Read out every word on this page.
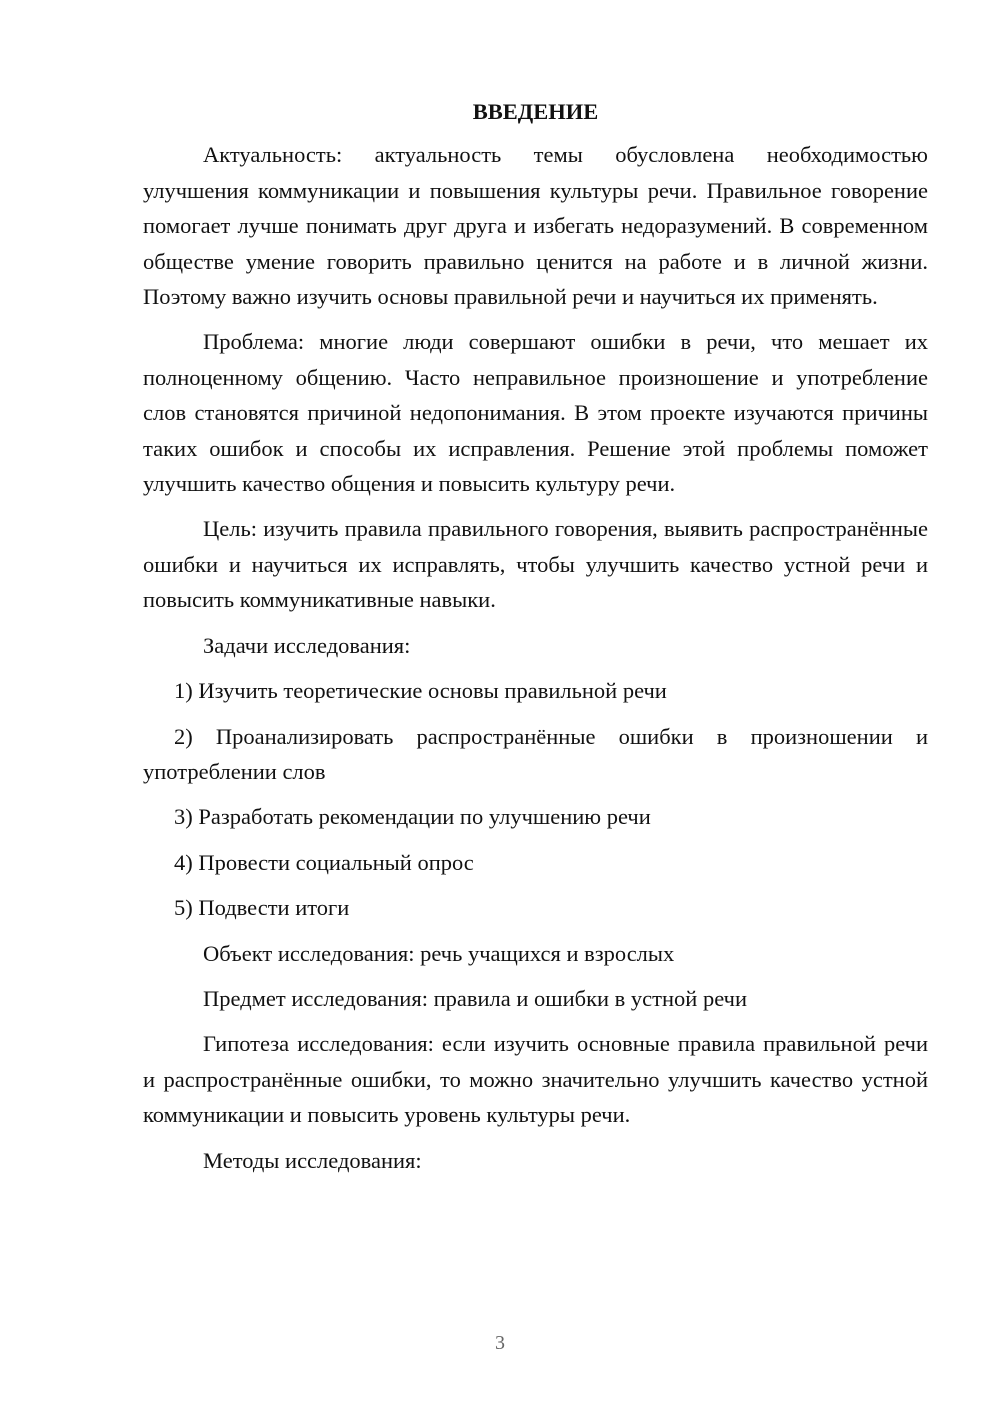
ВВЕДЕНИЕ

Актуальность: актуальность темы обусловлена необходимостью улучшения коммуникации и повышения культуры речи. Правильное говорение помогает лучше понимать друг друга и избегать недоразумений. В современном обществе умение говорить правильно ценится на работе и в личной жизни. Поэтому важно изучить основы правильной речи и научиться их применять.

Проблема: многие люди совершают ошибки в речи, что мешает их полноценному общению. Часто неправильное произношение и употребление слов становятся причиной недопонимания. В этом проекте изучаются причины таких ошибок и способы их исправления. Решение этой проблемы поможет улучшить качество общения и повысить культуру речи.

Цель: изучить правила правильного говорения, выявить распространённые ошибки и научиться их исправлять, чтобы улучшить качество устной речи и повысить коммуникативные навыки.

Задачи исследования:

1) Изучить теоретические основы правильной речи

2) Проанализировать распространённые ошибки в произношении и употреблении слов

3) Разработать рекомендации по улучшению речи

4) Провести социальный опрос

5) Подвести итоги

Объект исследования: речь учащихся и взрослых

Предмет исследования: правила и ошибки в устной речи

Гипотеза исследования: если изучить основные правила правильной речи и распространённые ошибки, то можно значительно улучшить качество устной коммуникации и повысить уровень культуры речи.

Методы исследования:

3
